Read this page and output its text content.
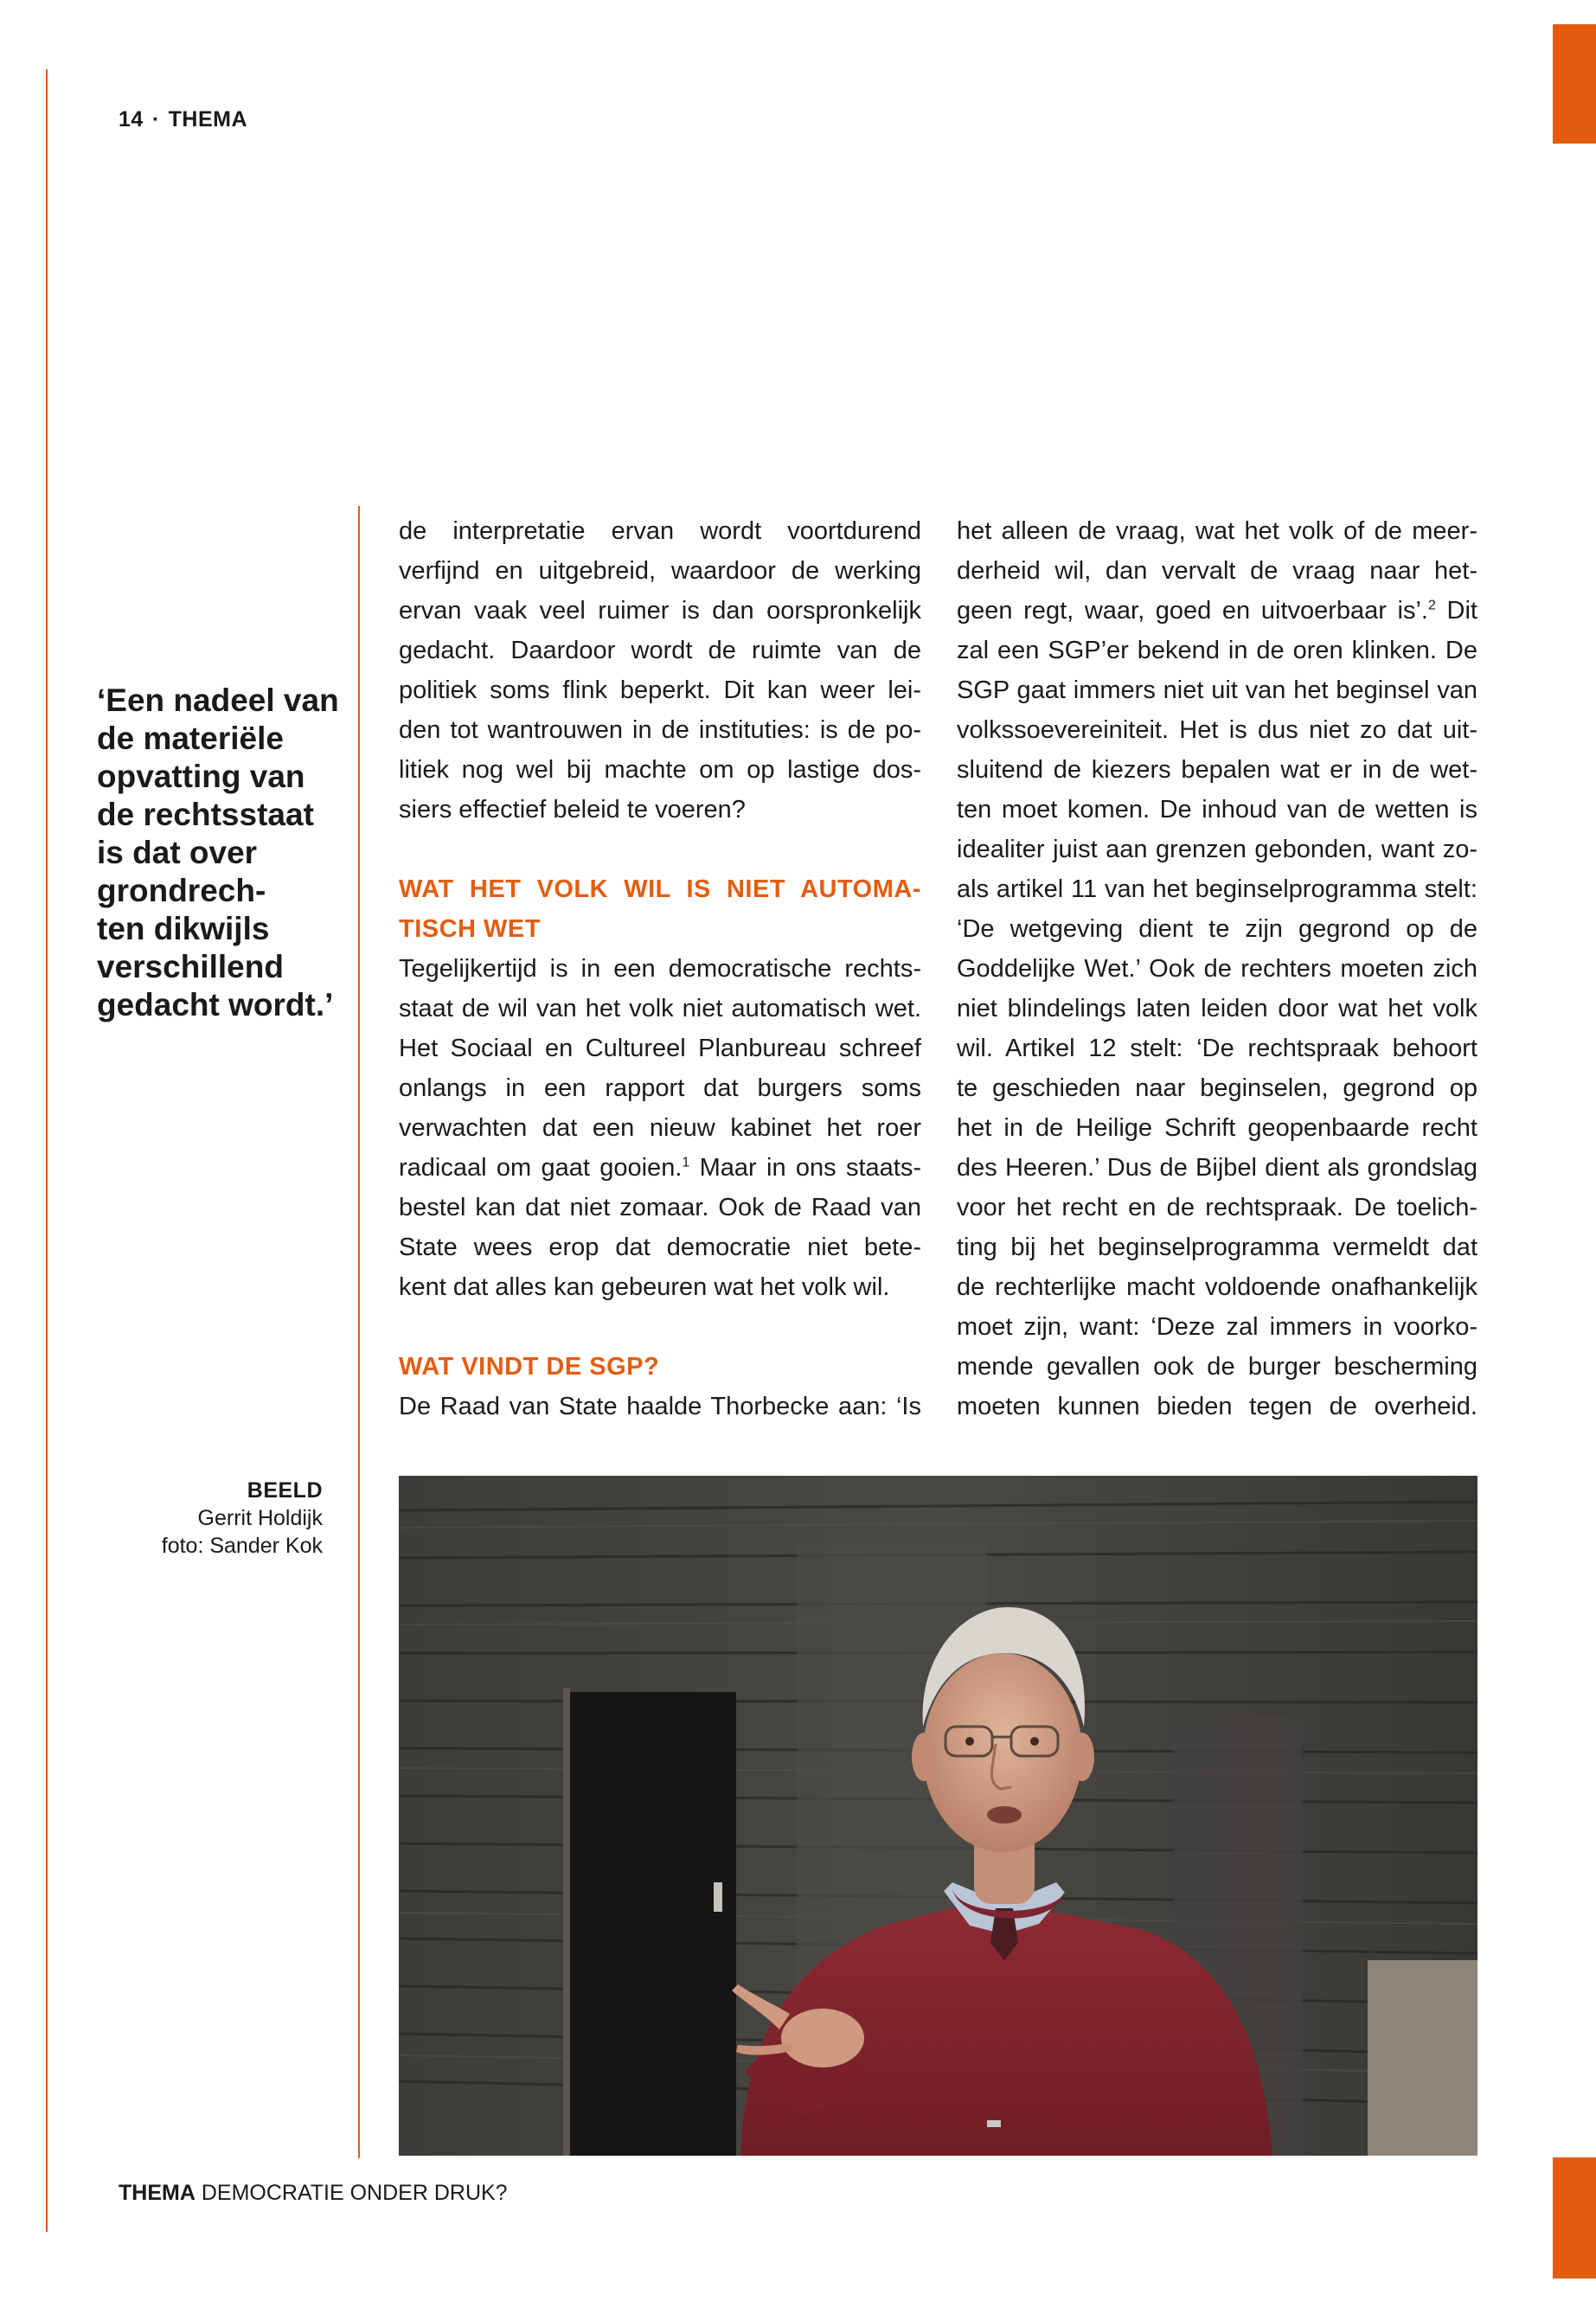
14 · THEMA
‘Een nadeel van
de materiële
opvatting van
de rechtsstaat
is dat over
grondrech-
ten dikwijls
verschillend
gedacht wordt.’

de interpretatie ervan wordt voortdurend
verfijnd en uitgebreid, waardoor de werking
ervan vaak veel ruimer is dan oorspronkelijk
gedacht. Daardoor wordt de ruimte van de
politiek soms flink beperkt. Dit kan weer lei-
den tot wantrouwen in de instituties: is de po-
litiek nog wel bij machte om op lastige dos-
siers effectief beleid te voeren?

WAT HET VOLK WIL IS NIET AUTOMA-
TISCH WET

Tegelijkertijd is in een democratische rechts-
staat de wil van het volk niet automatisch wet.
Het Sociaal en Cultureel Planbureau schreef
onlangs in een rapport dat burgers soms
verwachten dat een nieuw kabinet het roer
radicaal om gaat gooien.$^1$ Maar in ons staats-
bestel kan dat niet zomaar. Ook de Raad van
State wees erop dat democratie niet bete-
kent dat alles kan gebeuren wat het volk wil.

WAT VINDT DE SGP?

De Raad van State haalde Thorbecke aan: ‘Is

het alleen de vraag, wat het volk of de meer-
derheid wil, dan vervalt de vraag naar het-
geen regt, waar, goed en uitvoerbaar is’.$^2$ Dit
zal een SGP’er bekend in de oren klinken. De
SGP gaat immers niet uit van het beginsel van
volkssoevereiniteit. Het is dus niet zo dat uit-
sluitend de kiezers bepalen wat er in de wet-
ten moet komen. De inhoud van de wetten is
idealiter juist aan grenzen gebonden, want zo-
als artikel 11 van het beginselprogramma stelt:
‘De wetgeving dient te zijn gegrond op de
Goddelijke Wet.’ Ook de rechters moeten zich
niet blindelings laten leiden door wat het volk
wil. Artikel 12 stelt: ‘De rechtspraak behoort
te geschieden naar beginselen, gegrond op
het in de Heilige Schrift geopenbaarde recht
des Heeren.’ Dus de Bijbel dient als grondslag
voor het recht en de rechtspraak. De toelich-
ting bij het beginselprogramma vermeldt dat
de rechterlijke macht voldoende onafhankelijk
moet zijn, want: ‘Deze zal immers in voorko-
mende gevallen ook de burger bescherming
moeten kunnen bieden tegen de overheid.

BEELD
Gerrit Holdijk
foto: Sander Kok
THEMA DEMOCRATIE ONDER DRUK?
